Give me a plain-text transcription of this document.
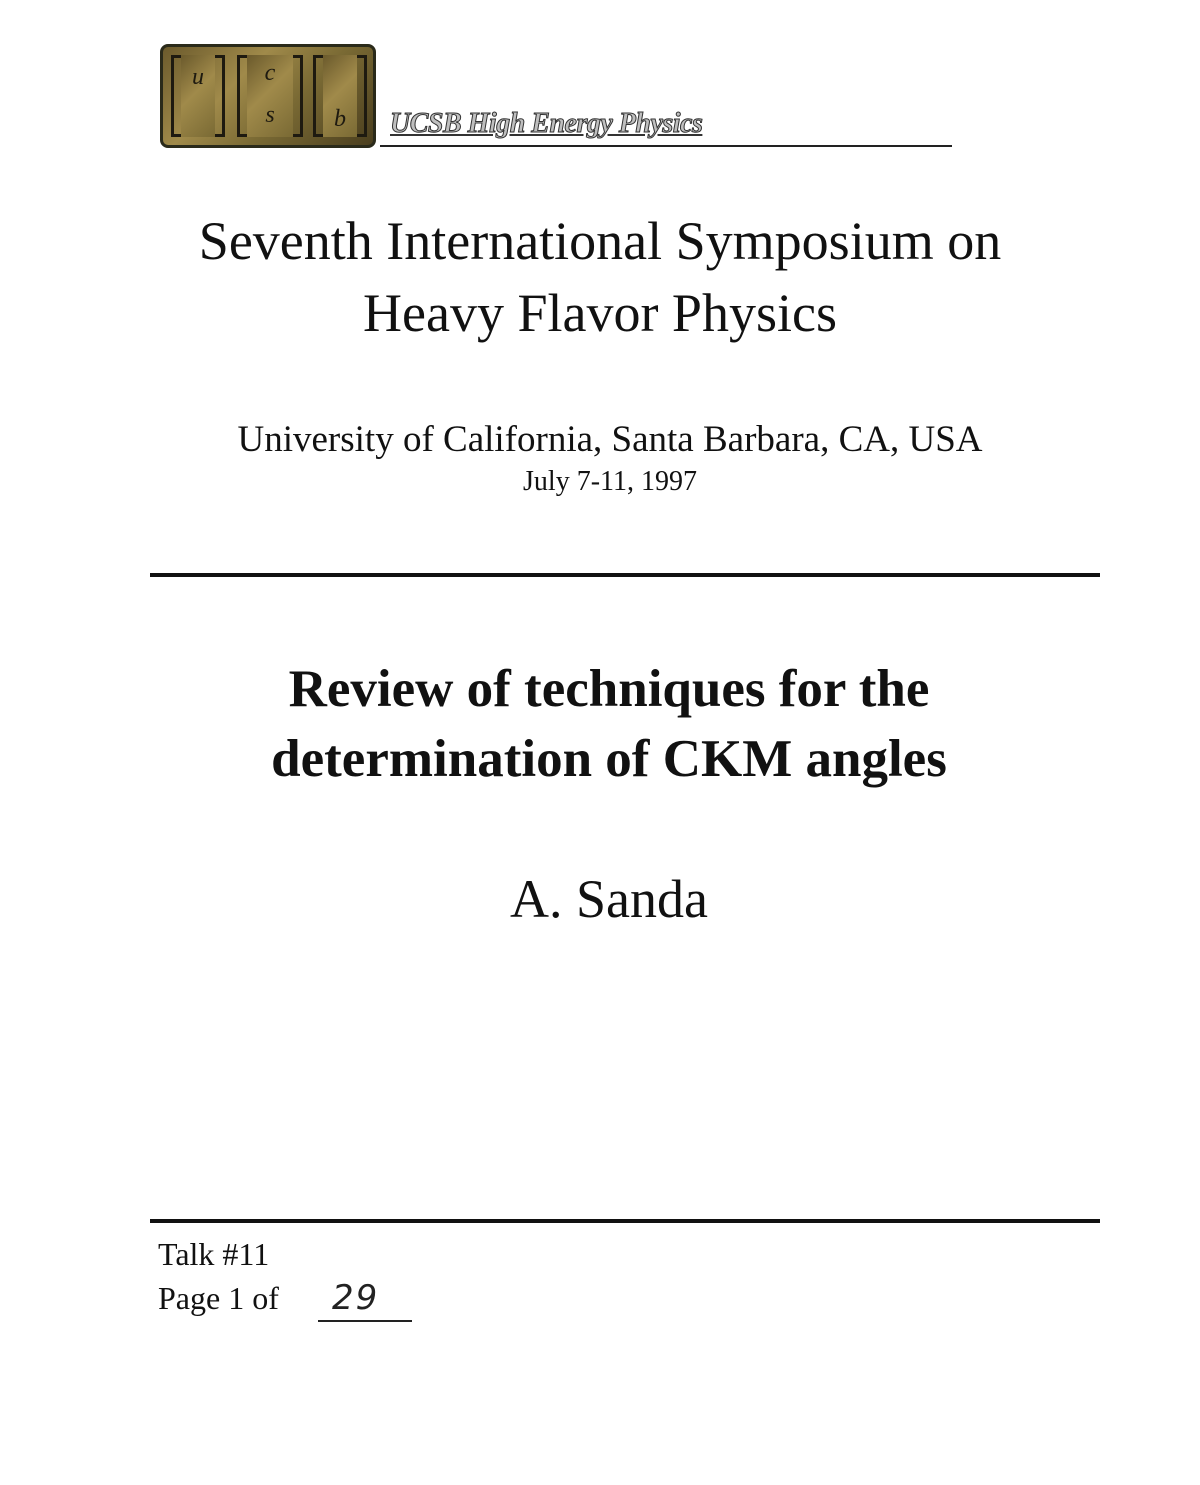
u	c
s	b	UCSB High Energy Physics
Seventh International Symposium on
Heavy Flavor Physics
University of California, Santa Barbara, CA, USA
July 7-11, 1997
Review of techniques for the
determination of CKM angles
A. Sanda
Talk #11
Page 1 of 29
